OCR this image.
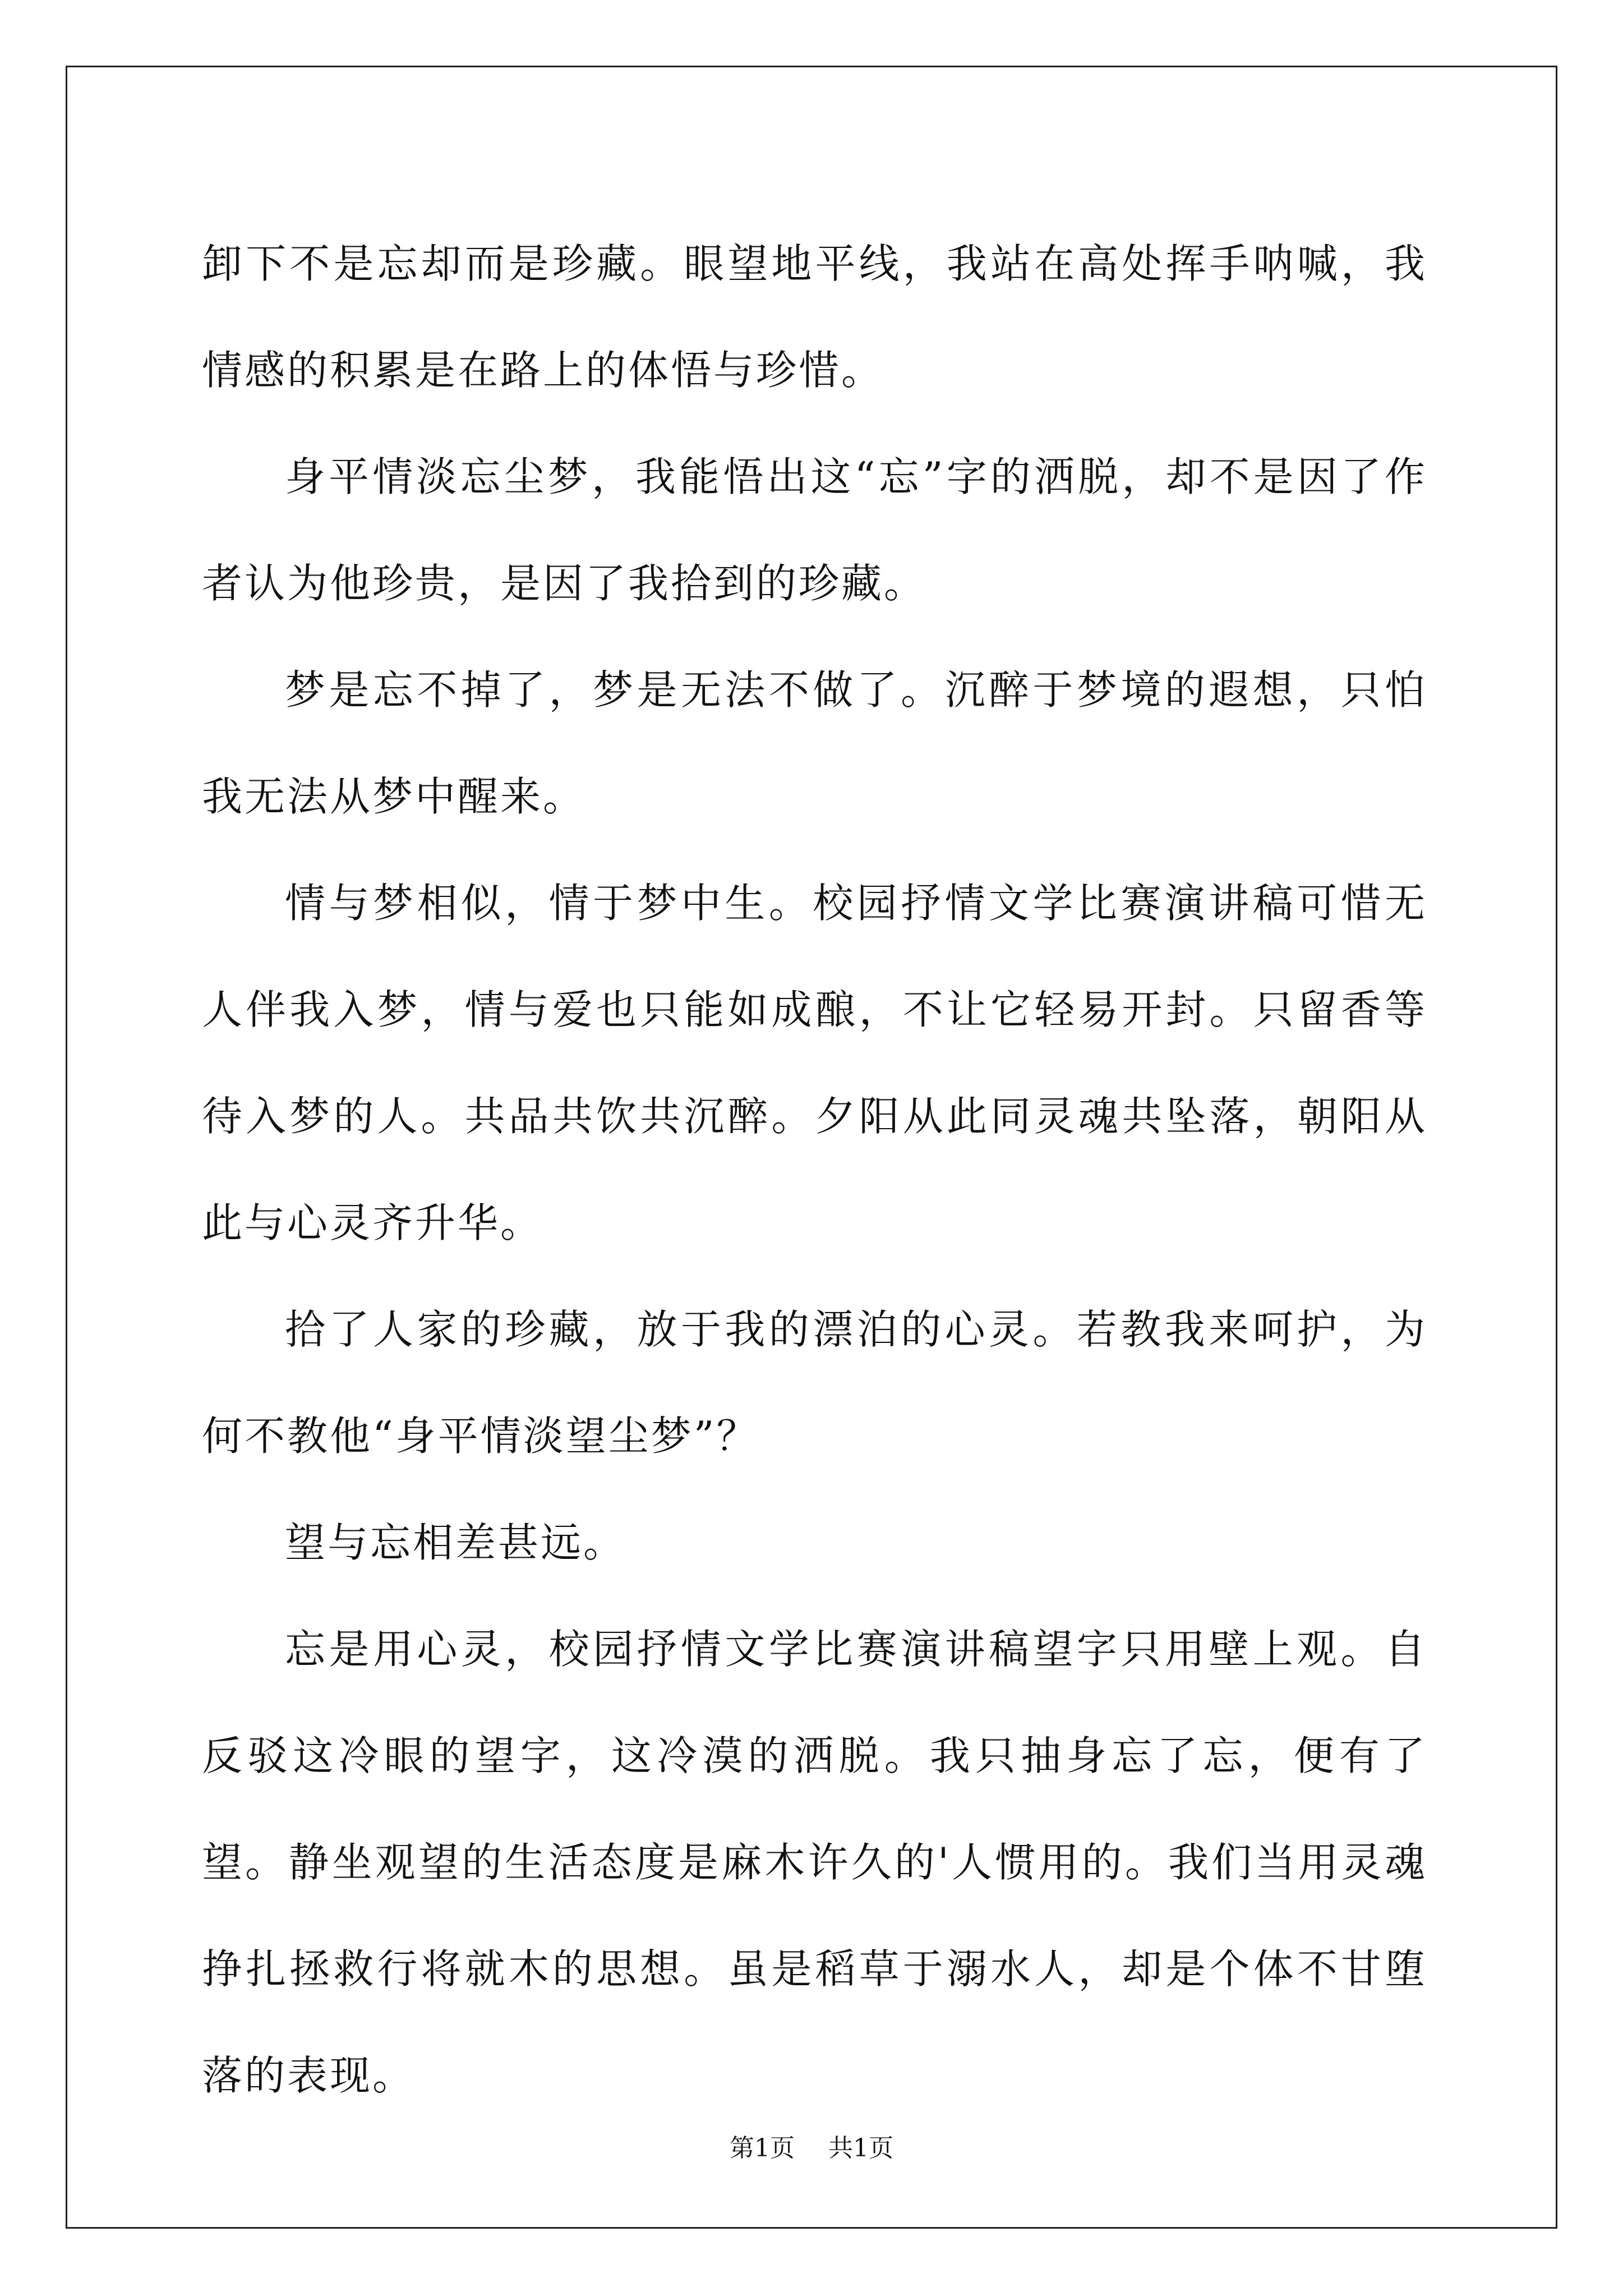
卸下不是忘却而是珍藏。眼望地平线，我站在高处挥手呐喊，我情感的积累是在路上的体悟与珍惜。

身平情淡忘尘梦，我能悟出这“忘”字的洒脱，却不是因了作者认为他珍贵，是因了我拾到的珍藏。

梦是忘不掉了，梦是无法不做了。沉醉于梦境的遐想，只怕我无法从梦中醒来。

情与梦相似，情于梦中生。校园抒情文学比赛演讲稿可惜无人伴我入梦，情与爱也只能如成酿，不让它轻易开封。只留香等待入梦的人。共品共饮共沉醉。夕阳从此同灵魂共坠落，朝阳从此与心灵齐升华。

拾了人家的珍藏，放于我的漂泊的心灵。若教我来呵护，为何不教他“身平情淡望尘梦”？

望与忘相差甚远。

忘是用心灵，校园抒情文学比赛演讲稿望字只用壁上观。自反驳这冷眼的望字，这冷漠的洒脱。我只抽身忘了忘，便有了望。静坐观望的生活态度是麻木许久的'人惯用的。我们当用灵魂挣扎拯救行将就木的思想。虽是稻草于溺水人，却是个体不甘堕落的表现。

第1页 共1页
